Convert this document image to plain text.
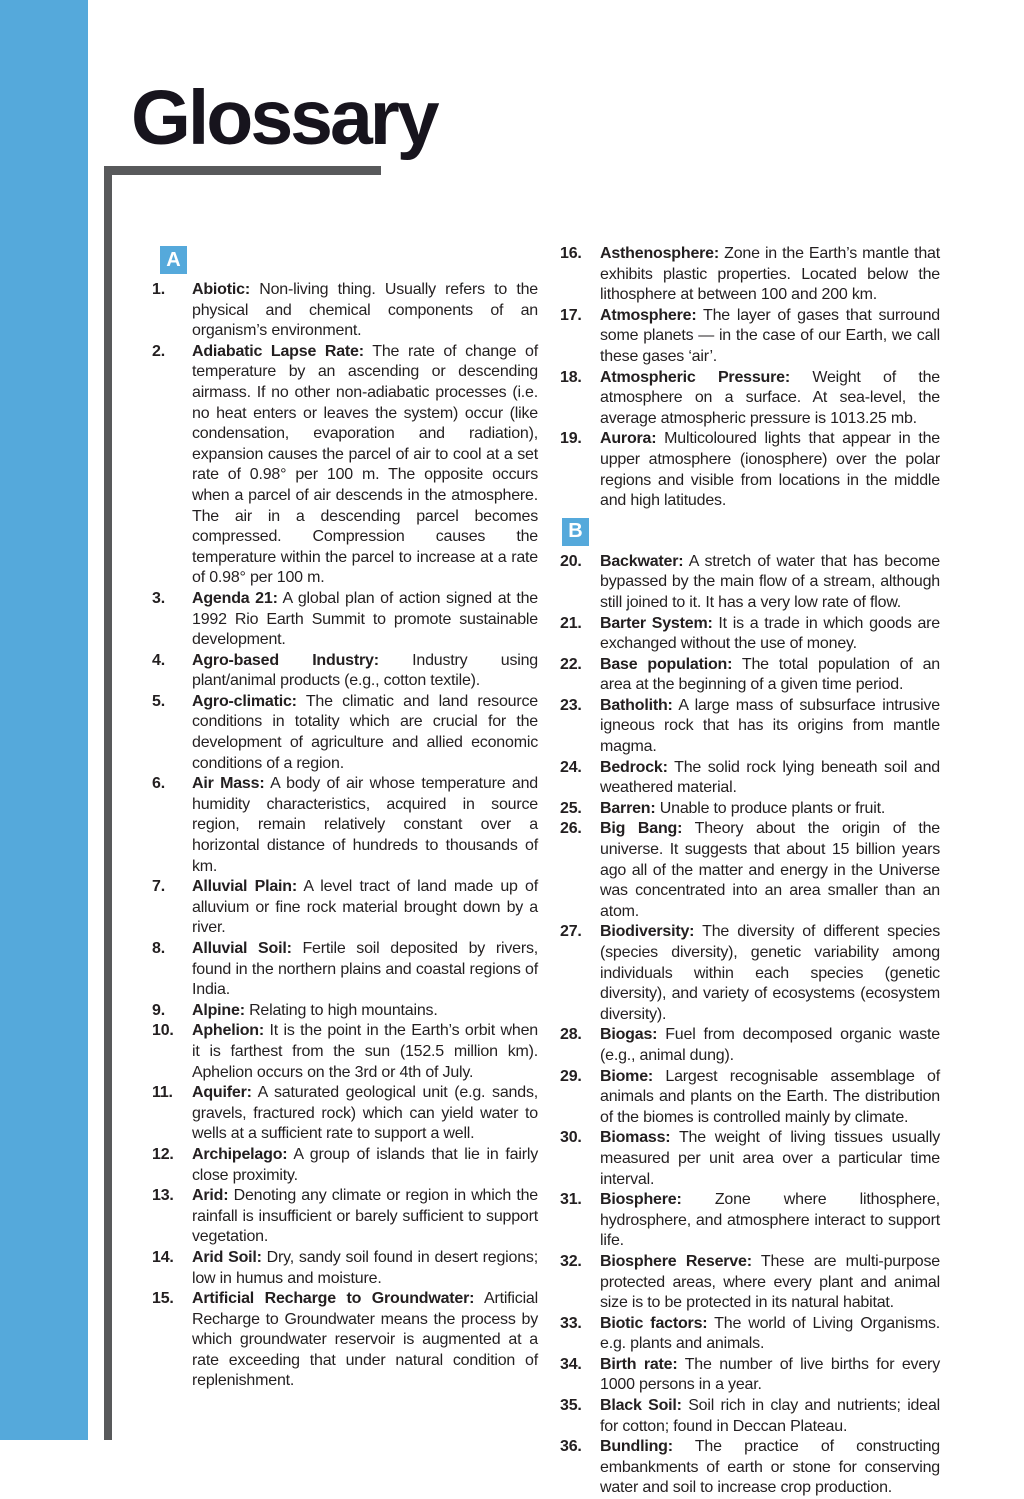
Glossary
A
1. Abiotic: Non-living thing. Usually refers to the physical and chemical components of an organism’s environment.
2. Adiabatic Lapse Rate: The rate of change of temperature by an ascending or descending airmass. If no other non-adiabatic processes (i.e. no heat enters or leaves the system) occur (like condensation, evaporation and radiation), expansion causes the parcel of air to cool at a set rate of 0.98° per 100 m. The opposite occurs when a parcel of air descends in the atmosphere. The air in a descending parcel becomes compressed. Compression causes the temperature within the parcel to increase at a rate of 0.98° per 100 m.
3. Agenda 21: A global plan of action signed at the 1992 Rio Earth Summit to promote sustainable development.
4. Agro-based Industry: Industry using plant/animal products (e.g., cotton textile).
5. Agro-climatic: The climatic and land resource conditions in totality which are crucial for the development of agriculture and allied economic conditions of a region.
6. Air Mass: A body of air whose temperature and humidity characteristics, acquired in source region, remain relatively constant over a horizontal distance of hundreds to thousands of km.
7. Alluvial Plain: A level tract of land made up of alluvium or fine rock material brought down by a river.
8. Alluvial Soil: Fertile soil deposited by rivers, found in the northern plains and coastal regions of India.
9. Alpine: Relating to high mountains.
10. Aphelion: It is the point in the Earth’s orbit when it is farthest from the sun (152.5 million km). Aphelion occurs on the 3rd or 4th of July.
11. Aquifer: A saturated geological unit (e.g. sands, gravels, fractured rock) which can yield water to wells at a sufficient rate to support a well.
12. Archipelago: A group of islands that lie in fairly close proximity.
13. Arid: Denoting any climate or region in which the rainfall is insufficient or barely sufficient to support vegetation.
14. Arid Soil: Dry, sandy soil found in desert regions; low in humus and moisture.
15. Artificial Recharge to Groundwater: Artificial Recharge to Groundwater means the process by which groundwater reservoir is augmented at a rate exceeding that under natural condition of replenishment.
16. Asthenosphere: Zone in the Earth’s mantle that exhibits plastic properties. Located below the lithosphere at between 100 and 200 km.
17. Atmosphere: The layer of gases that surround some planets — in the case of our Earth, we call these gases ‘air’.
18. Atmospheric Pressure: Weight of the atmosphere on a surface. At sea-level, the average atmospheric pressure is 1013.25 mb.
19. Aurora: Multicoloured lights that appear in the upper atmosphere (ionosphere) over the polar regions and visible from locations in the middle and high latitudes.
B
20. Backwater: A stretch of water that has become bypassed by the main flow of a stream, although still joined to it. It has a very low rate of flow.
21. Barter System: It is a trade in which goods are exchanged without the use of money.
22. Base population: The total population of an area at the beginning of a given time period.
23. Batholith: A large mass of subsurface intrusive igneous rock that has its origins from mantle magma.
24. Bedrock: The solid rock lying beneath soil and weathered material.
25. Barren: Unable to produce plants or fruit.
26. Big Bang: Theory about the origin of the universe. It suggests that about 15 billion years ago all of the matter and energy in the Universe was concentrated into an area smaller than an atom.
27. Biodiversity: The diversity of different species (species diversity), genetic variability among individuals within each species (genetic diversity), and variety of ecosystems (ecosystem diversity).
28. Biogas: Fuel from decomposed organic waste (e.g., animal dung).
29. Biome: Largest recognisable assemblage of animals and plants on the Earth. The distribution of the biomes is controlled mainly by climate.
30. Biomass: The weight of living tissues usually measured per unit area over a particular time interval.
31. Biosphere: Zone where lithosphere, hydrosphere, and atmosphere interact to support life.
32. Biosphere Reserve: These are multi-purpose protected areas, where every plant and animal size is to be protected in its natural habitat.
33. Biotic factors: The world of Living Organisms. e.g. plants and animals.
34. Birth rate: The number of live births for every 1000 persons in a year.
35. Black Soil: Soil rich in clay and nutrients; ideal for cotton; found in Deccan Plateau.
36. Bundling: The practice of constructing embankments of earth or stone for conserving water and soil to increase crop production.
